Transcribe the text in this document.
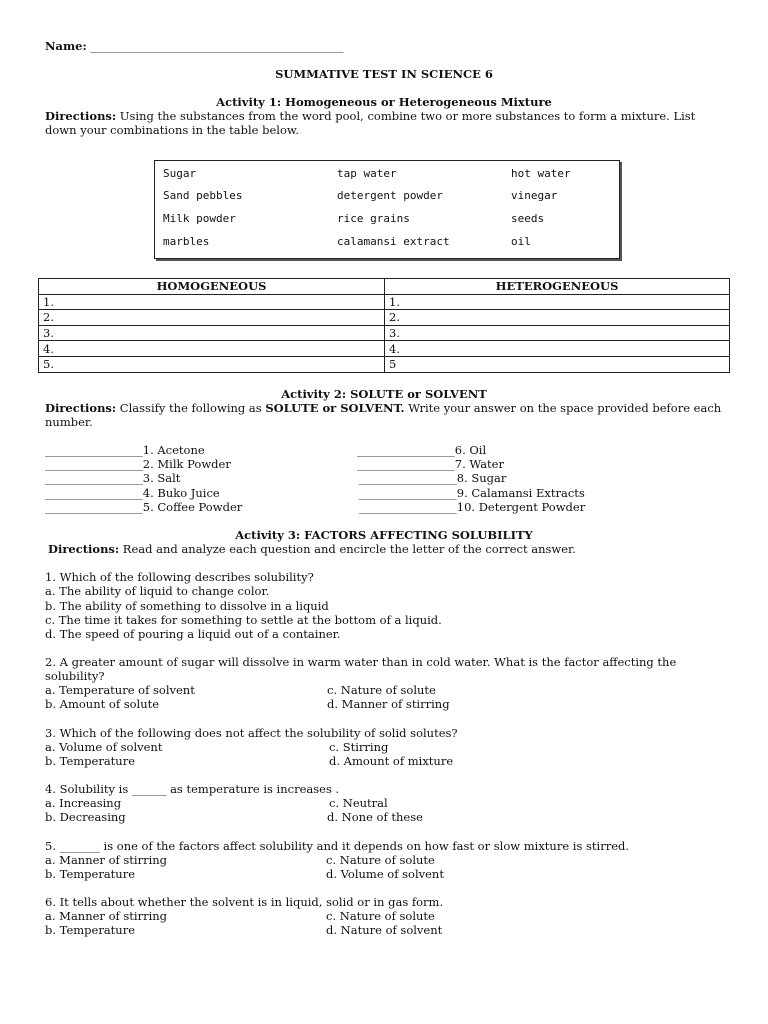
Name: ____________________________________________
SUMMATIVE TEST IN SCIENCE 6
Activity 1: Homogeneous or Heterogeneous Mixture
Directions: Using the substances from the word pool, combine two or more substances to form a mixture. List
down your combinations in the table below.
Sugar	tap water	hot water
Sand pebbles	detergent powder	vinegar
Milk powder	rice grains	seeds
marbles	calamansi extract	oil
HOMOGENEOUS	HETEROGENEOUS
1.	1.
2.	2.
3.	3.
4.	4.
5.	5
Activity 2: SOLUTE or SOLVENT
Directions: Classify the following as SOLUTE or SOLVENT. Write your answer on the space provided before each
number.
_________________1. Acetone
_________________2. Milk Powder
_________________3. Salt
_________________4. Buko Juice
_________________5. Coffee Powder
_________________6. Oil
_________________7. Water
_________________8. Sugar
_________________9. Calamansi Extracts
_________________10. Detergent Powder
Activity 3: FACTORS AFFECTING SOLUBILITY
Directions: Read and analyze each question and encircle the letter of the correct answer.
1. Which of the following describes solubility?
a. The ability of liquid to change color.
b. The ability of something to dissolve in a liquid
c. The time it takes for something to settle at the bottom of a liquid.
d. The speed of pouring a liquid out of a container.
2. A greater amount of sugar will dissolve in warm water than in cold water. What is the factor affecting the
solubility?
a. Temperature of solvent	c. Nature of solute
b. Amount of solute	d. Manner of stirring
3. Which of the following does not affect the solubility of solid solutes?
a. Volume of solvent	c. Stirring
b. Temperature	d. Amount of mixture
4. Solubility is ______ as temperature is increases .
a. Increasing	c. Neutral
b. Decreasing	d. None of these
5. _______ is one of the factors affect solubility and it depends on how fast or slow mixture is stirred.
a. Manner of stirring	c. Nature of solute
b. Temperature	d. Volume of solvent
6. It tells about whether the solvent is in liquid, solid or in gas form.
a. Manner of stirring	c. Nature of solute
b. Temperature	d. Nature of solvent
